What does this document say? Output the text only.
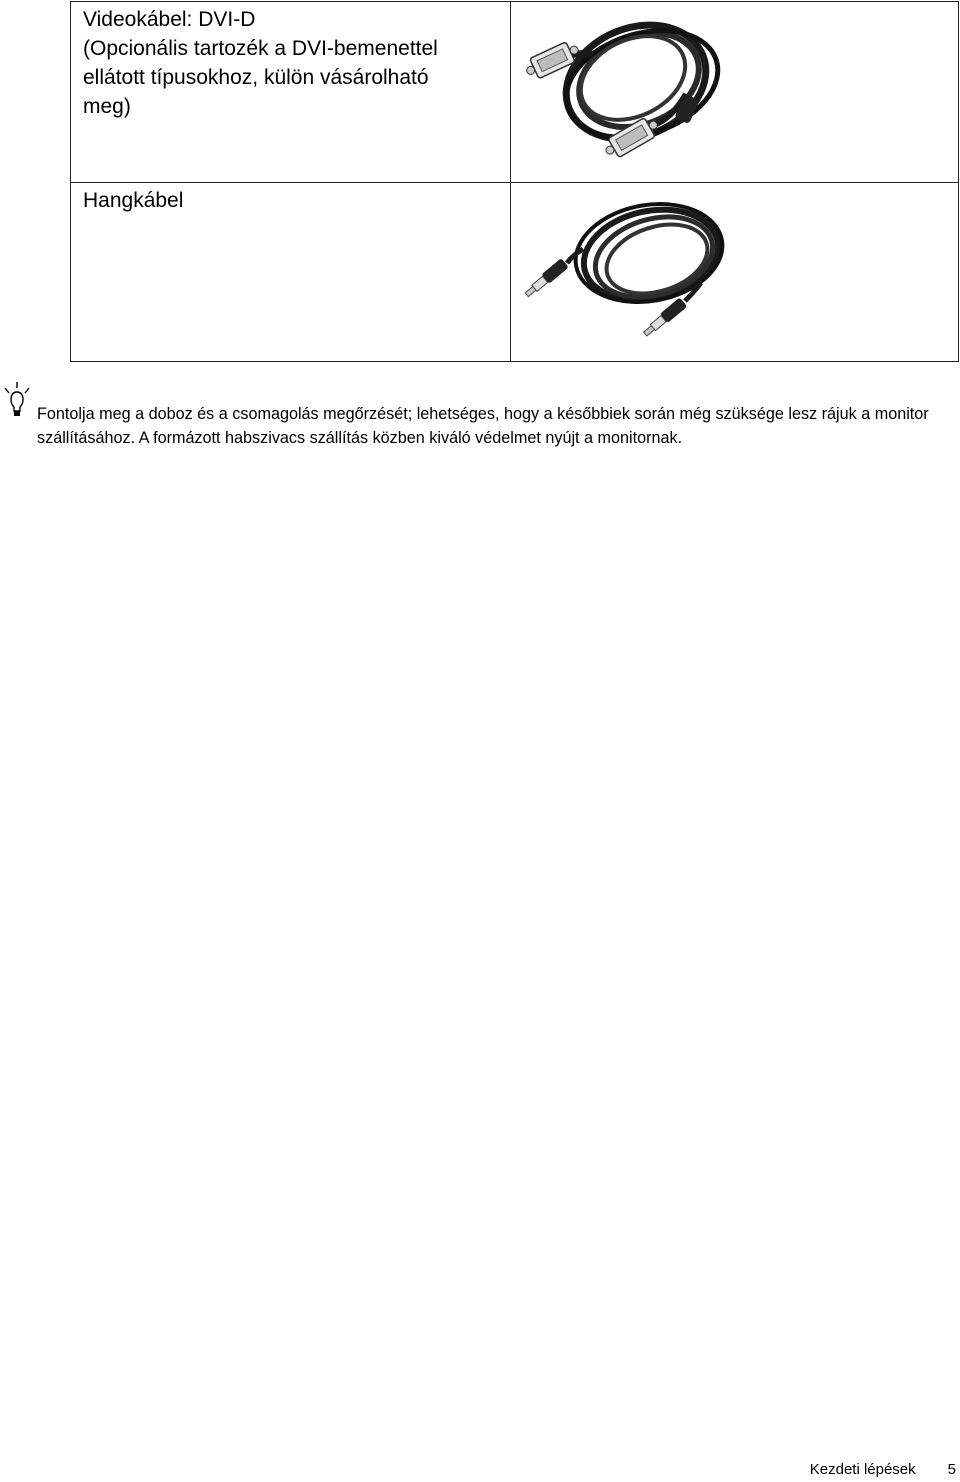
Videokábel: DVI-D
(Opcionális tartozék a DVI-bemenettel
ellátott típusokhoz, külön vásárolható
meg)

Hangkábel

Fontolja meg a doboz és a csomagolás megőrzését; lehetséges, hogy a későbbiek során még szüksége lesz rájuk a monitor szállításához. A formázott habszivacs szállítás közben kiváló védelmet nyújt a monitornak.
Kezdeti lépések 5
